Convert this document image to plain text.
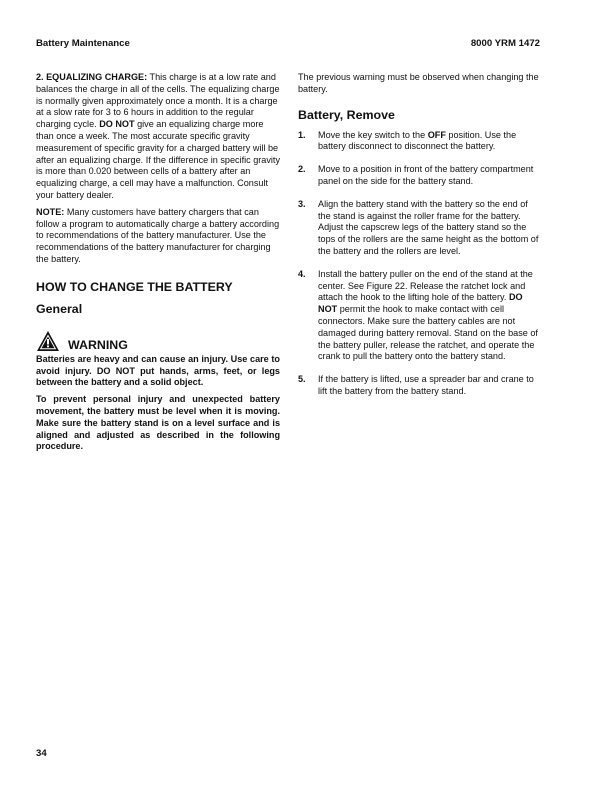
Battery Maintenance	8000 YRM 1472

2. EQUALIZING CHARGE: This charge is at a low rate and balances the charge in all of the cells. The equalizing charge is normally given approximately once a month. It is a charge at a slow rate for 3 to 6 hours in addition to the regular charging cycle. DO NOT give an equalizing charge more than once a week. The most accurate specific gravity measurement of specific gravity for a charged battery will be after an equalizing charge. If the difference in specific gravity is more than 0.020 between cells of a battery after an equalizing charge, a cell may have a malfunction. Consult your battery dealer.

NOTE: Many customers have battery chargers that can follow a program to automatically charge a battery according to recommendations of the battery manufacturer. Use the recommendations of the battery manufacturer for charging the battery.

HOW TO CHANGE THE BATTERY
General
WARNING

Batteries are heavy and can cause an injury. Use care to avoid injury. DO NOT put hands, arms, feet, or legs between the battery and a solid object.

To prevent personal injury and unexpected battery movement, the battery must be level when it is moving. Make sure the battery stand is on a level surface and is aligned and adjusted as described in the following procedure.

The previous warning must be observed when changing the battery.

Battery, Remove
1.	Move the key switch to the OFF position. Use the battery disconnect to disconnect the battery.
2.	Move to a position in front of the battery compartment panel on the side for the battery stand.
3.	Align the battery stand with the battery so the end of the stand is against the roller frame for the battery. Adjust the capscrew legs of the battery stand so the tops of the rollers are the same height as the bottom of the battery and the rollers are level.
4.	Install the battery puller on the end of the stand at the center. See Figure 22. Release the ratchet lock and attach the hook to the lifting hole of the battery. DO NOT permit the hook to make contact with cell connectors. Make sure the battery cables are not damaged during battery removal. Stand on the base of the battery puller, release the ratchet, and operate the crank to pull the battery onto the battery stand.
5.	If the battery is lifted, use a spreader bar and crane to lift the battery from the battery stand.
34
